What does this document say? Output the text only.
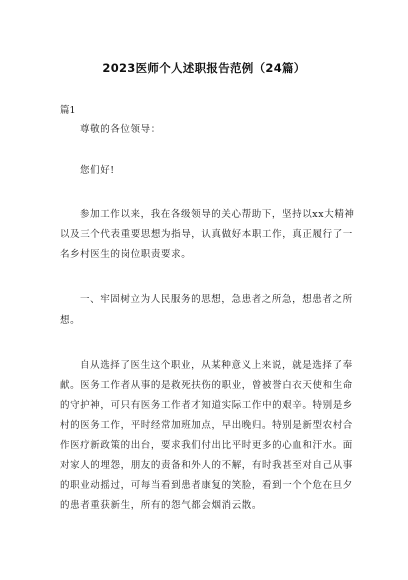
2023医师个人述职报告范例（24篇）
篇1
尊敬的各位领导：
您们好!
参加工作以来，我在各级领导的关心帮助下，坚持以xx大精神
以及三个代表重要思想为指导，认真做好本职工作，真正履行了一
名乡村医生的岗位职责要求。
一、牢固树立为人民服务的思想，急患者之所急，想患者之所
想。
自从选择了医生这个职业，从某种意义上来说，就是选择了奉
献。医务工作者从事的是救死扶伤的职业，曾被誉白衣天使和生命
的守护神，可只有医务工作者才知道实际工作中的艰辛。特别是乡
村的医务工作，平时经常加班加点，早出晚归。特别是新型农村合
作医疗新政策的出台，要求我们付出比平时更多的心血和汗水。面
对家人的埋怨，朋友的责备和外人的不解，有时我甚至对自己从事
的职业动摇过，可每当看到患者康复的笑脸，看到一个个危在旦夕
的患者重获新生，所有的怨气都会烟消云散。
